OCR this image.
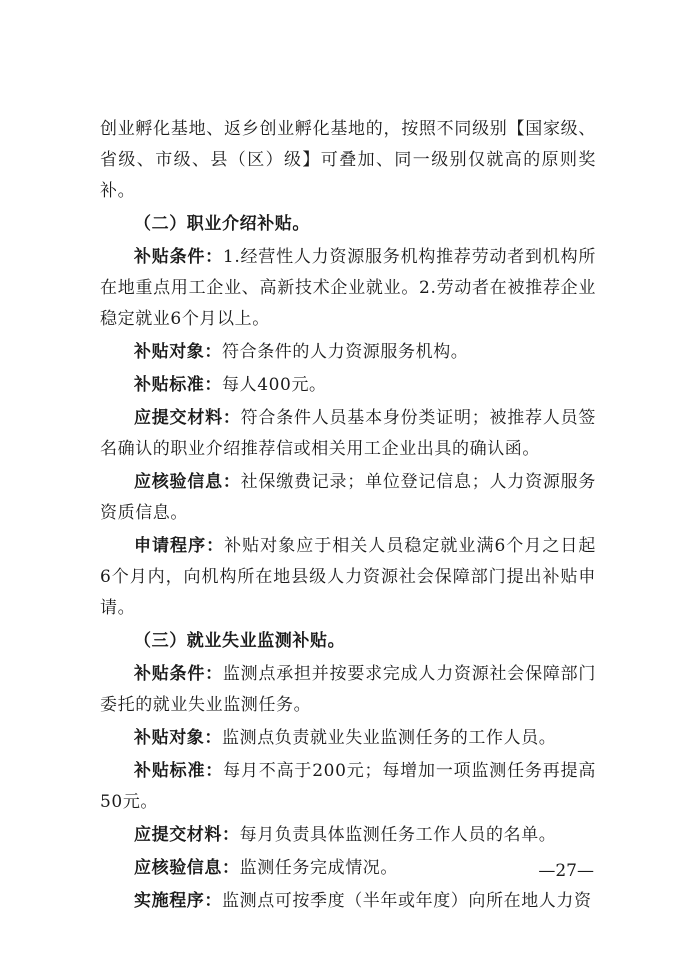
创业孵化基地、返乡创业孵化基地的，按照不同级别【国家级、省级、市级、县（区）级】可叠加、同一级别仅就高的原则奖补。

（二）职业介绍补贴。

补贴条件：1.经营性人力资源服务机构推荐劳动者到机构所在地重点用工企业、高新技术企业就业。2.劳动者在被推荐企业稳定就业6个月以上。

补贴对象：符合条件的人力资源服务机构。

补贴标准：每人400元。

应提交材料：符合条件人员基本身份类证明；被推荐人员签名确认的职业介绍推荐信或相关用工企业出具的确认函。

应核验信息：社保缴费记录；单位登记信息；人力资源服务资质信息。

申请程序：补贴对象应于相关人员稳定就业满6个月之日起6个月内，向机构所在地县级人力资源社会保障部门提出补贴申请。

（三）就业失业监测补贴。

补贴条件：监测点承担并按要求完成人力资源社会保障部门委托的就业失业监测任务。

补贴对象：监测点负责就业失业监测任务的工作人员。

补贴标准：每月不高于200元；每增加一项监测任务再提高50元。

应提交材料：每月负责具体监测任务工作人员的名单。

应核验信息：监测任务完成情况。

实施程序：监测点可按季度（半年或年度）向所在地人力资

—27—
